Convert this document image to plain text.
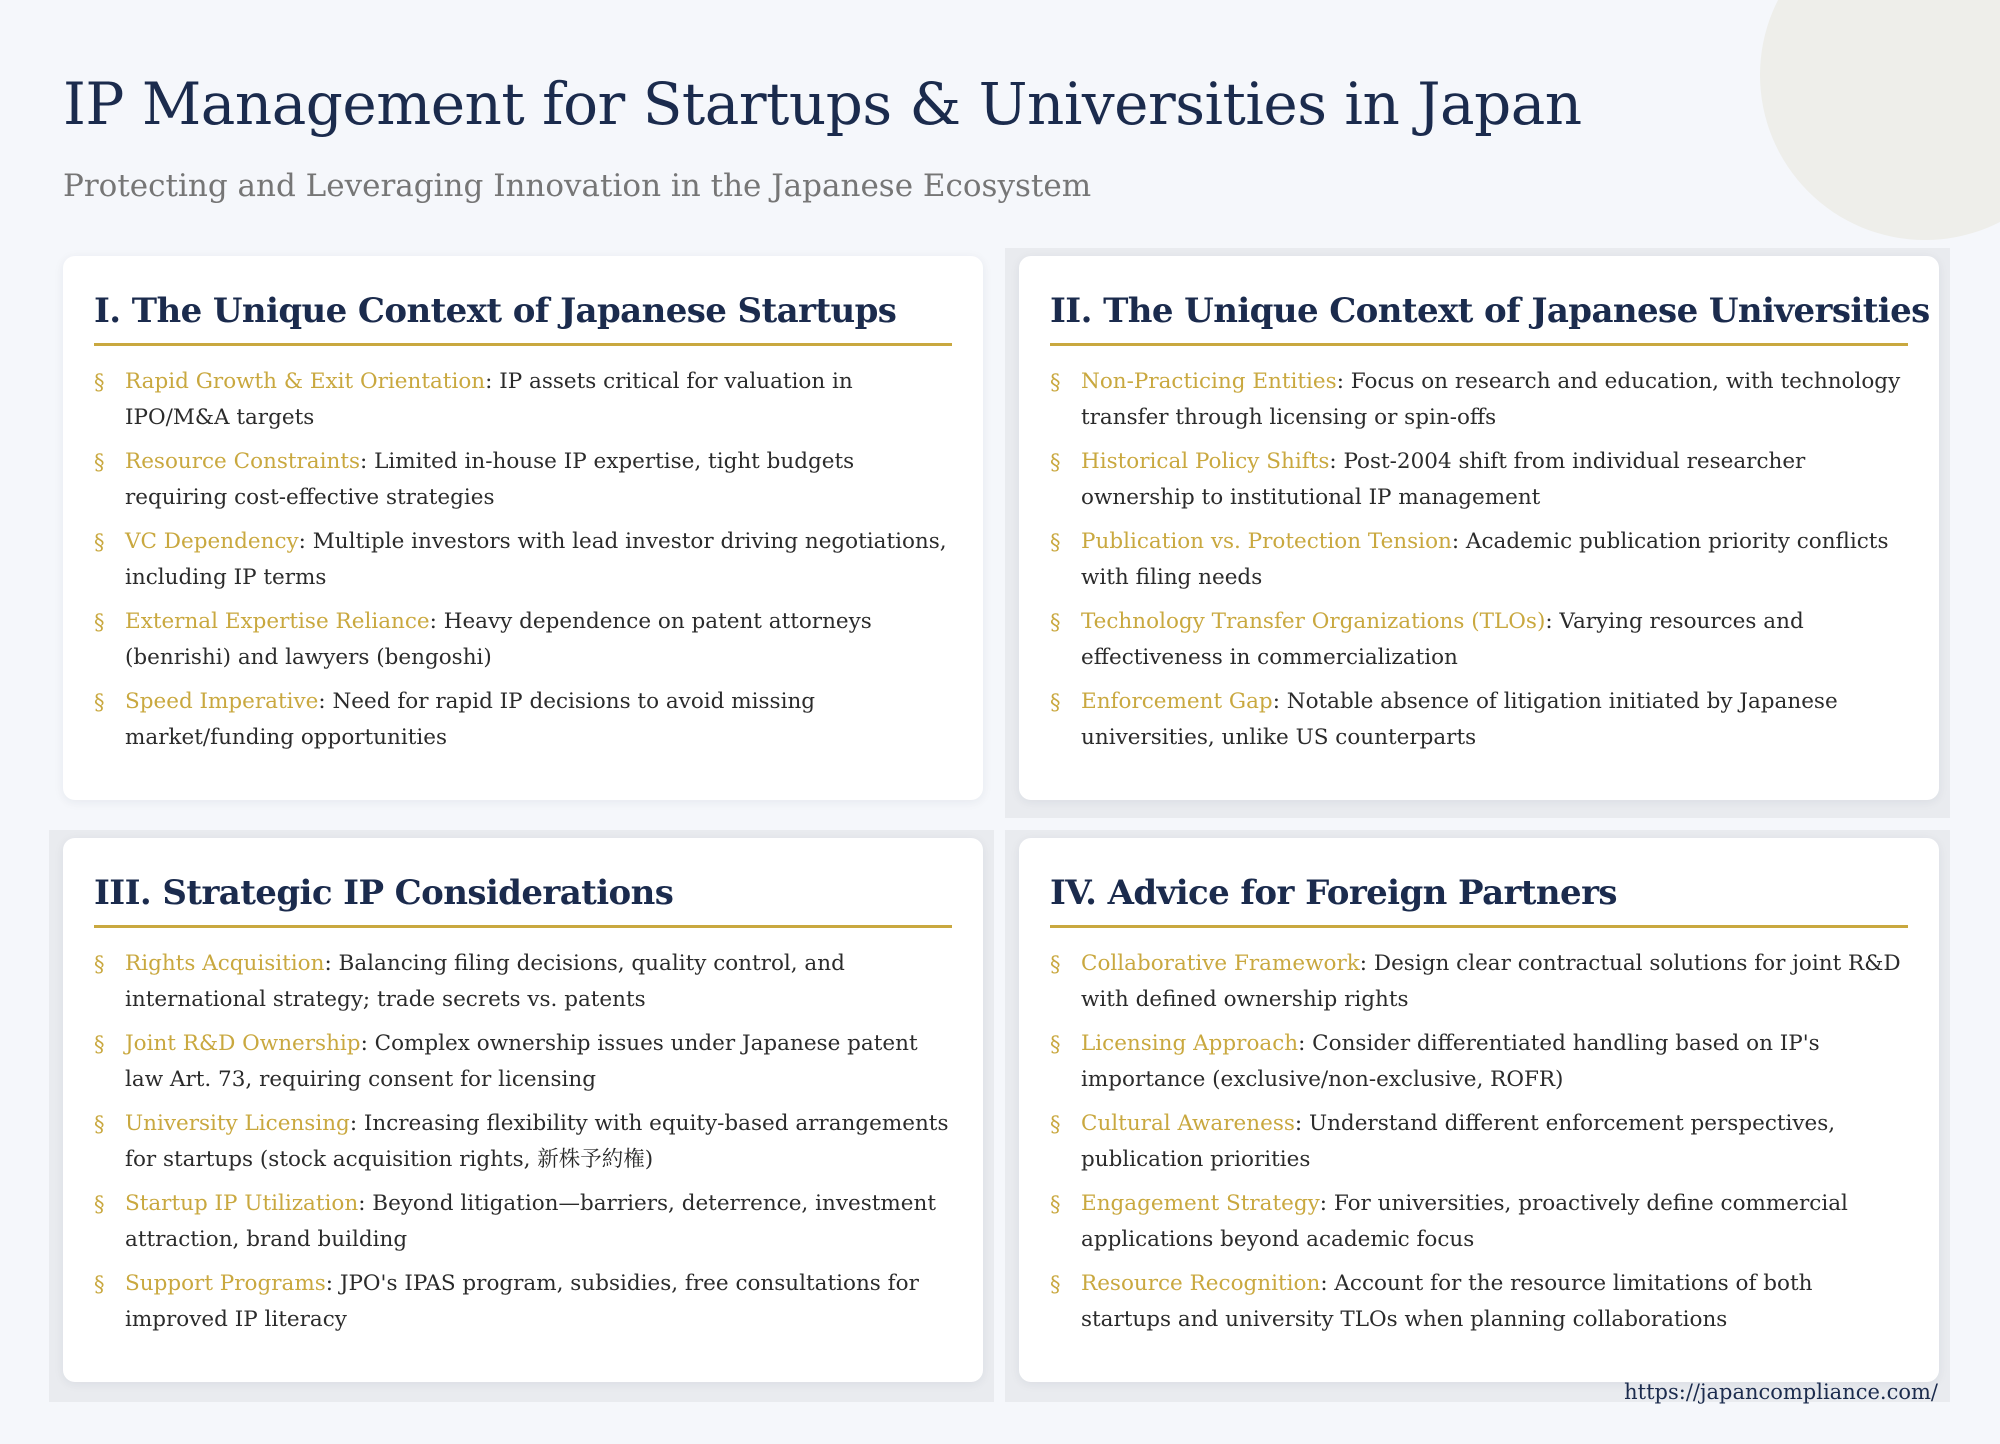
IP Management for Startups & Universities in Japan

Protecting and Leveraging Innovation in the Japanese Ecosystem

I. The Unique Context of Japanese Startups
§ Rapid Growth & Exit Orientation: IP assets critical for valuation in IPO/M&A targets
§ Resource Constraints: Limited in-house IP expertise, tight budgets requiring cost-effective strategies
§ VC Dependency: Multiple investors with lead investor driving negotiations, including IP terms
§ External Expertise Reliance: Heavy dependence on patent attorneys (benrishi) and lawyers (bengoshi)
§ Speed Imperative: Need for rapid IP decisions to avoid missing market/funding opportunities
II. The Unique Context of Japanese Universities
§ Non-Practicing Entities: Focus on research and education, with technology transfer through licensing or spin-offs
§ Historical Policy Shifts: Post-2004 shift from individual researcher ownership to institutional IP management
§ Publication vs. Protection Tension: Academic publication priority conflicts with filing needs
§ Technology Transfer Organizations (TLOs): Varying resources and effectiveness in commercialization
§ Enforcement Gap: Notable absence of litigation initiated by Japanese universities, unlike US counterparts
III. Strategic IP Considerations
§ Rights Acquisition: Balancing filing decisions, quality control, and international strategy; trade secrets vs. patents
§ Joint R&D Ownership: Complex ownership issues under Japanese patent law Art. 73, requiring consent for licensing
§ University Licensing: Increasing flexibility with equity-based arrangements for startups (stock acquisition rights, 新株予約権)
§ Startup IP Utilization: Beyond litigation—barriers, deterrence, investment attraction, brand building
§ Support Programs: JPO's IPAS program, subsidies, free consultations for improved IP literacy
IV. Advice for Foreign Partners
§ Collaborative Framework: Design clear contractual solutions for joint R&D with defined ownership rights
§ Licensing Approach: Consider differentiated handling based on IP's importance (exclusive/non-exclusive, ROFR)
§ Cultural Awareness: Understand different enforcement perspectives, publication priorities
§ Engagement Strategy: For universities, proactively define commercial applications beyond academic focus
§ Resource Recognition: Account for the resource limitations of both startups and university TLOs when planning collaborations
https://japancompliance.com/
